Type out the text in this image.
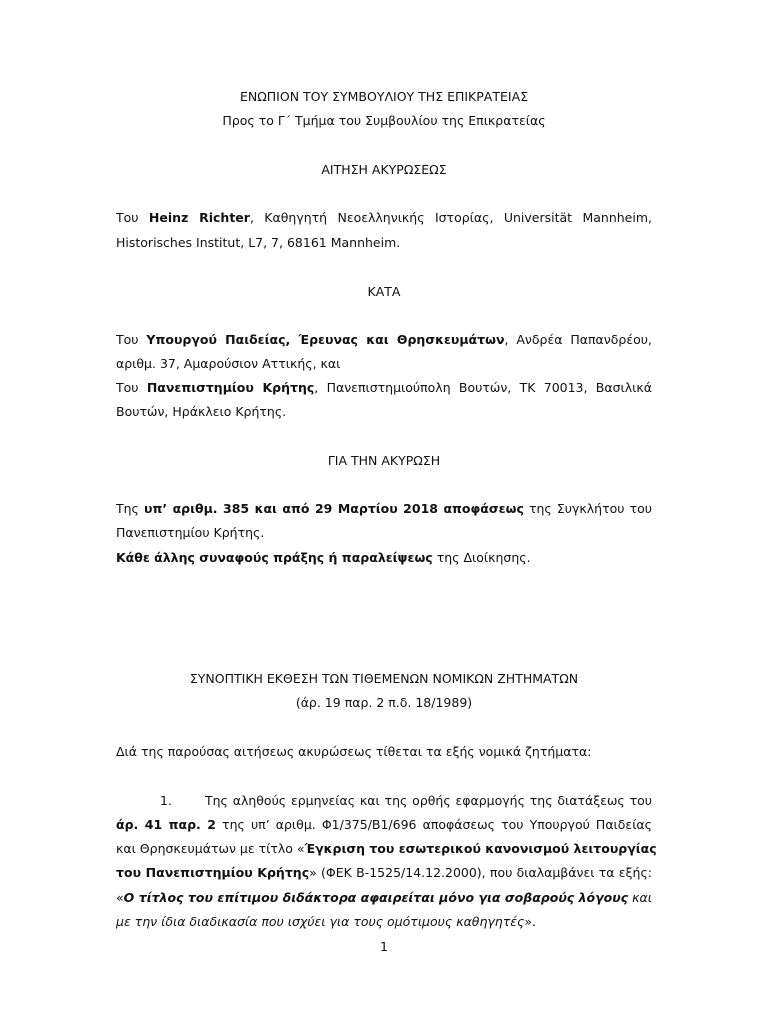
ΕΝΩΠΙΟΝ ΤΟΥ ΣΥΜΒΟΥΛΙΟΥ ΤΗΣ ΕΠΙΚΡΑΤΕΙΑΣ
Προς το Γ΄ Τμήμα του Συμβουλίου της Επικρατείας
ΑΙΤΗΣΗ ΑΚΥΡΩΣΕΩΣ
Του Heinz Richter, Καθηγητή Νεοελληνικής Ιστορίας, Universität Mannheim,
Historisches Institut, L7, 7, 68161 Mannheim.
ΚΑΤΑ
Του Υπουργού Παιδείας, Έρευνας και Θρησκευμάτων, Ανδρέα Παπανδρέου,
αριθμ. 37, Αμαρούσιον Αττικής, και
Του Πανεπιστημίου Κρήτης, Πανεπιστημιούπολη Βουτών, ΤΚ 70013, Βασιλικά
Βουτών, Ηράκλειο Κρήτης.
ΓΙΑ ΤΗΝ ΑΚΥΡΩΣΗ
Της υπ’ αριθμ. 385 και από 29 Μαρτίου 2018 αποφάσεως της Συγκλήτου του
Πανεπιστημίου Κρήτης.
Κάθε άλλης συναφούς πράξης ή παραλείψεως της Διοίκησης.
ΣΥΝΟΠΤΙΚΗ ΕΚΘΕΣΗ ΤΩΝ ΤΙΘΕΜΕΝΩΝ ΝΟΜΙΚΩΝ ΖΗΤΗΜΑΤΩΝ
(άρ. 19 παρ. 2 π.δ. 18/1989)
Διά της παρούσας αιτήσεως ακυρώσεως τίθεται τα εξής νομικά ζητήματα:
1.	Της αληθούς ερμηνείας και της ορθής εφαρμογής της διατάξεως του
άρ. 41 παρ. 2 της υπ’ αριθμ. Φ1/375/Β1/696 αποφάσεως του Υπουργού Παιδείας
και Θρησκευμάτων με τίτλο «Έγκριση του εσωτερικού κανονισμού λειτουργίας
του Πανεπιστημίου Κρήτης» (ΦΕΚ Β-1525/14.12.2000), που διαλαμβάνει τα εξής:
«Ο τίτλος του επίτιμου διδάκτορα αφαιρείται μόνο για σοβαρούς λόγους και
με την ίδια διαδικασία που ισχύει για τους ομότιμους καθηγητές».
1
